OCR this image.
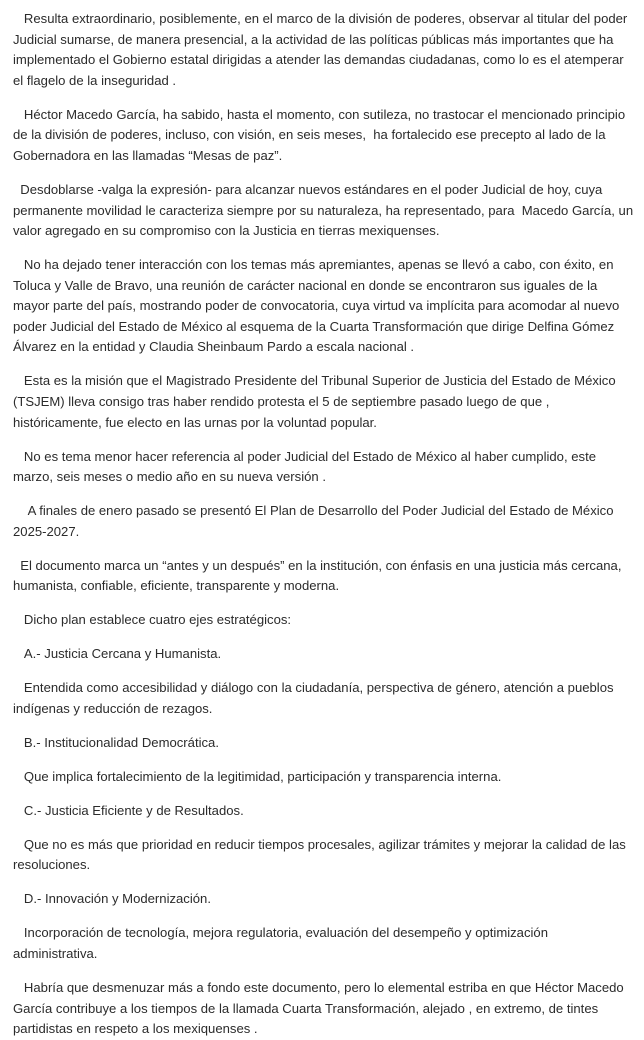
Resulta extraordinario, posiblemente, en el marco de la división de poderes, observar al titular del poder Judicial sumarse, de manera presencial, a la actividad de las políticas públicas más importantes que ha implementado el Gobierno estatal dirigidas a atender las demandas ciudadanas, como lo es el atemperar el flagelo de la inseguridad .

Héctor Macedo García, ha sabido, hasta el momento, con sutileza, no trastocar el mencionado principio de la división de poderes, incluso, con visión, en seis meses,  ha fortalecido ese precepto al lado de la Gobernadora en las llamadas “Mesas de paz”.

Desdoblarse -valga la expresión- para alcanzar nuevos estándares en el poder Judicial de hoy, cuya permanente movilidad le caracteriza siempre por su naturaleza, ha representado, para  Macedo García, un valor agregado en su compromiso con la Justicia en tierras mexiquenses.

No ha dejado tener interacción con los temas más apremiantes, apenas se llevó a cabo, con éxito, en Toluca y Valle de Bravo, una reunión de carácter nacional en donde se encontraron sus iguales de la mayor parte del país, mostrando poder de convocatoria, cuya virtud va implícita para acomodar al nuevo poder Judicial del Estado de México al esquema de la Cuarta Transformación que dirige Delfina Gómez Álvarez en la entidad y Claudia Sheinbaum Pardo a escala nacional .

Esta es la misión que el Magistrado Presidente del Tribunal Superior de Justicia del Estado de México (TSJEM) lleva consigo tras haber rendido protesta el 5 de septiembre pasado luego de que , históricamente, fue electo en las urnas por la voluntad popular.

No es tema menor hacer referencia al poder Judicial del Estado de México al haber cumplido, este marzo, seis meses o medio año en su nueva versión .

A finales de enero pasado se presentó El Plan de Desarrollo del Poder Judicial del Estado de México 2025-2027.

El documento marca un “antes y un después” en la institución, con énfasis en una justicia más cercana, humanista, confiable, eficiente, transparente y moderna.

Dicho plan establece cuatro ejes estratégicos:

A.- Justicia Cercana y Humanista.

Entendida como accesibilidad y diálogo con la ciudadanía, perspectiva de género, atención a pueblos indígenas y reducción de rezagos.

B.- Institucionalidad Democrática.

Que implica fortalecimiento de la legitimidad, participación y transparencia interna.

C.- Justicia Eficiente y de Resultados.

Que no es más que prioridad en reducir tiempos procesales, agilizar trámites y mejorar la calidad de las resoluciones.

D.- Innovación y Modernización.

Incorporación de tecnología, mejora regulatoria, evaluación del desempeño y optimización administrativa.

Habría que desmenuzar más a fondo este documento, pero lo elemental estriba en que Héctor Macedo García contribuye a los tiempos de la llamada Cuarta Transformación, alejado , en extremo, de tintes partidistas en respeto a los mexiquenses .
